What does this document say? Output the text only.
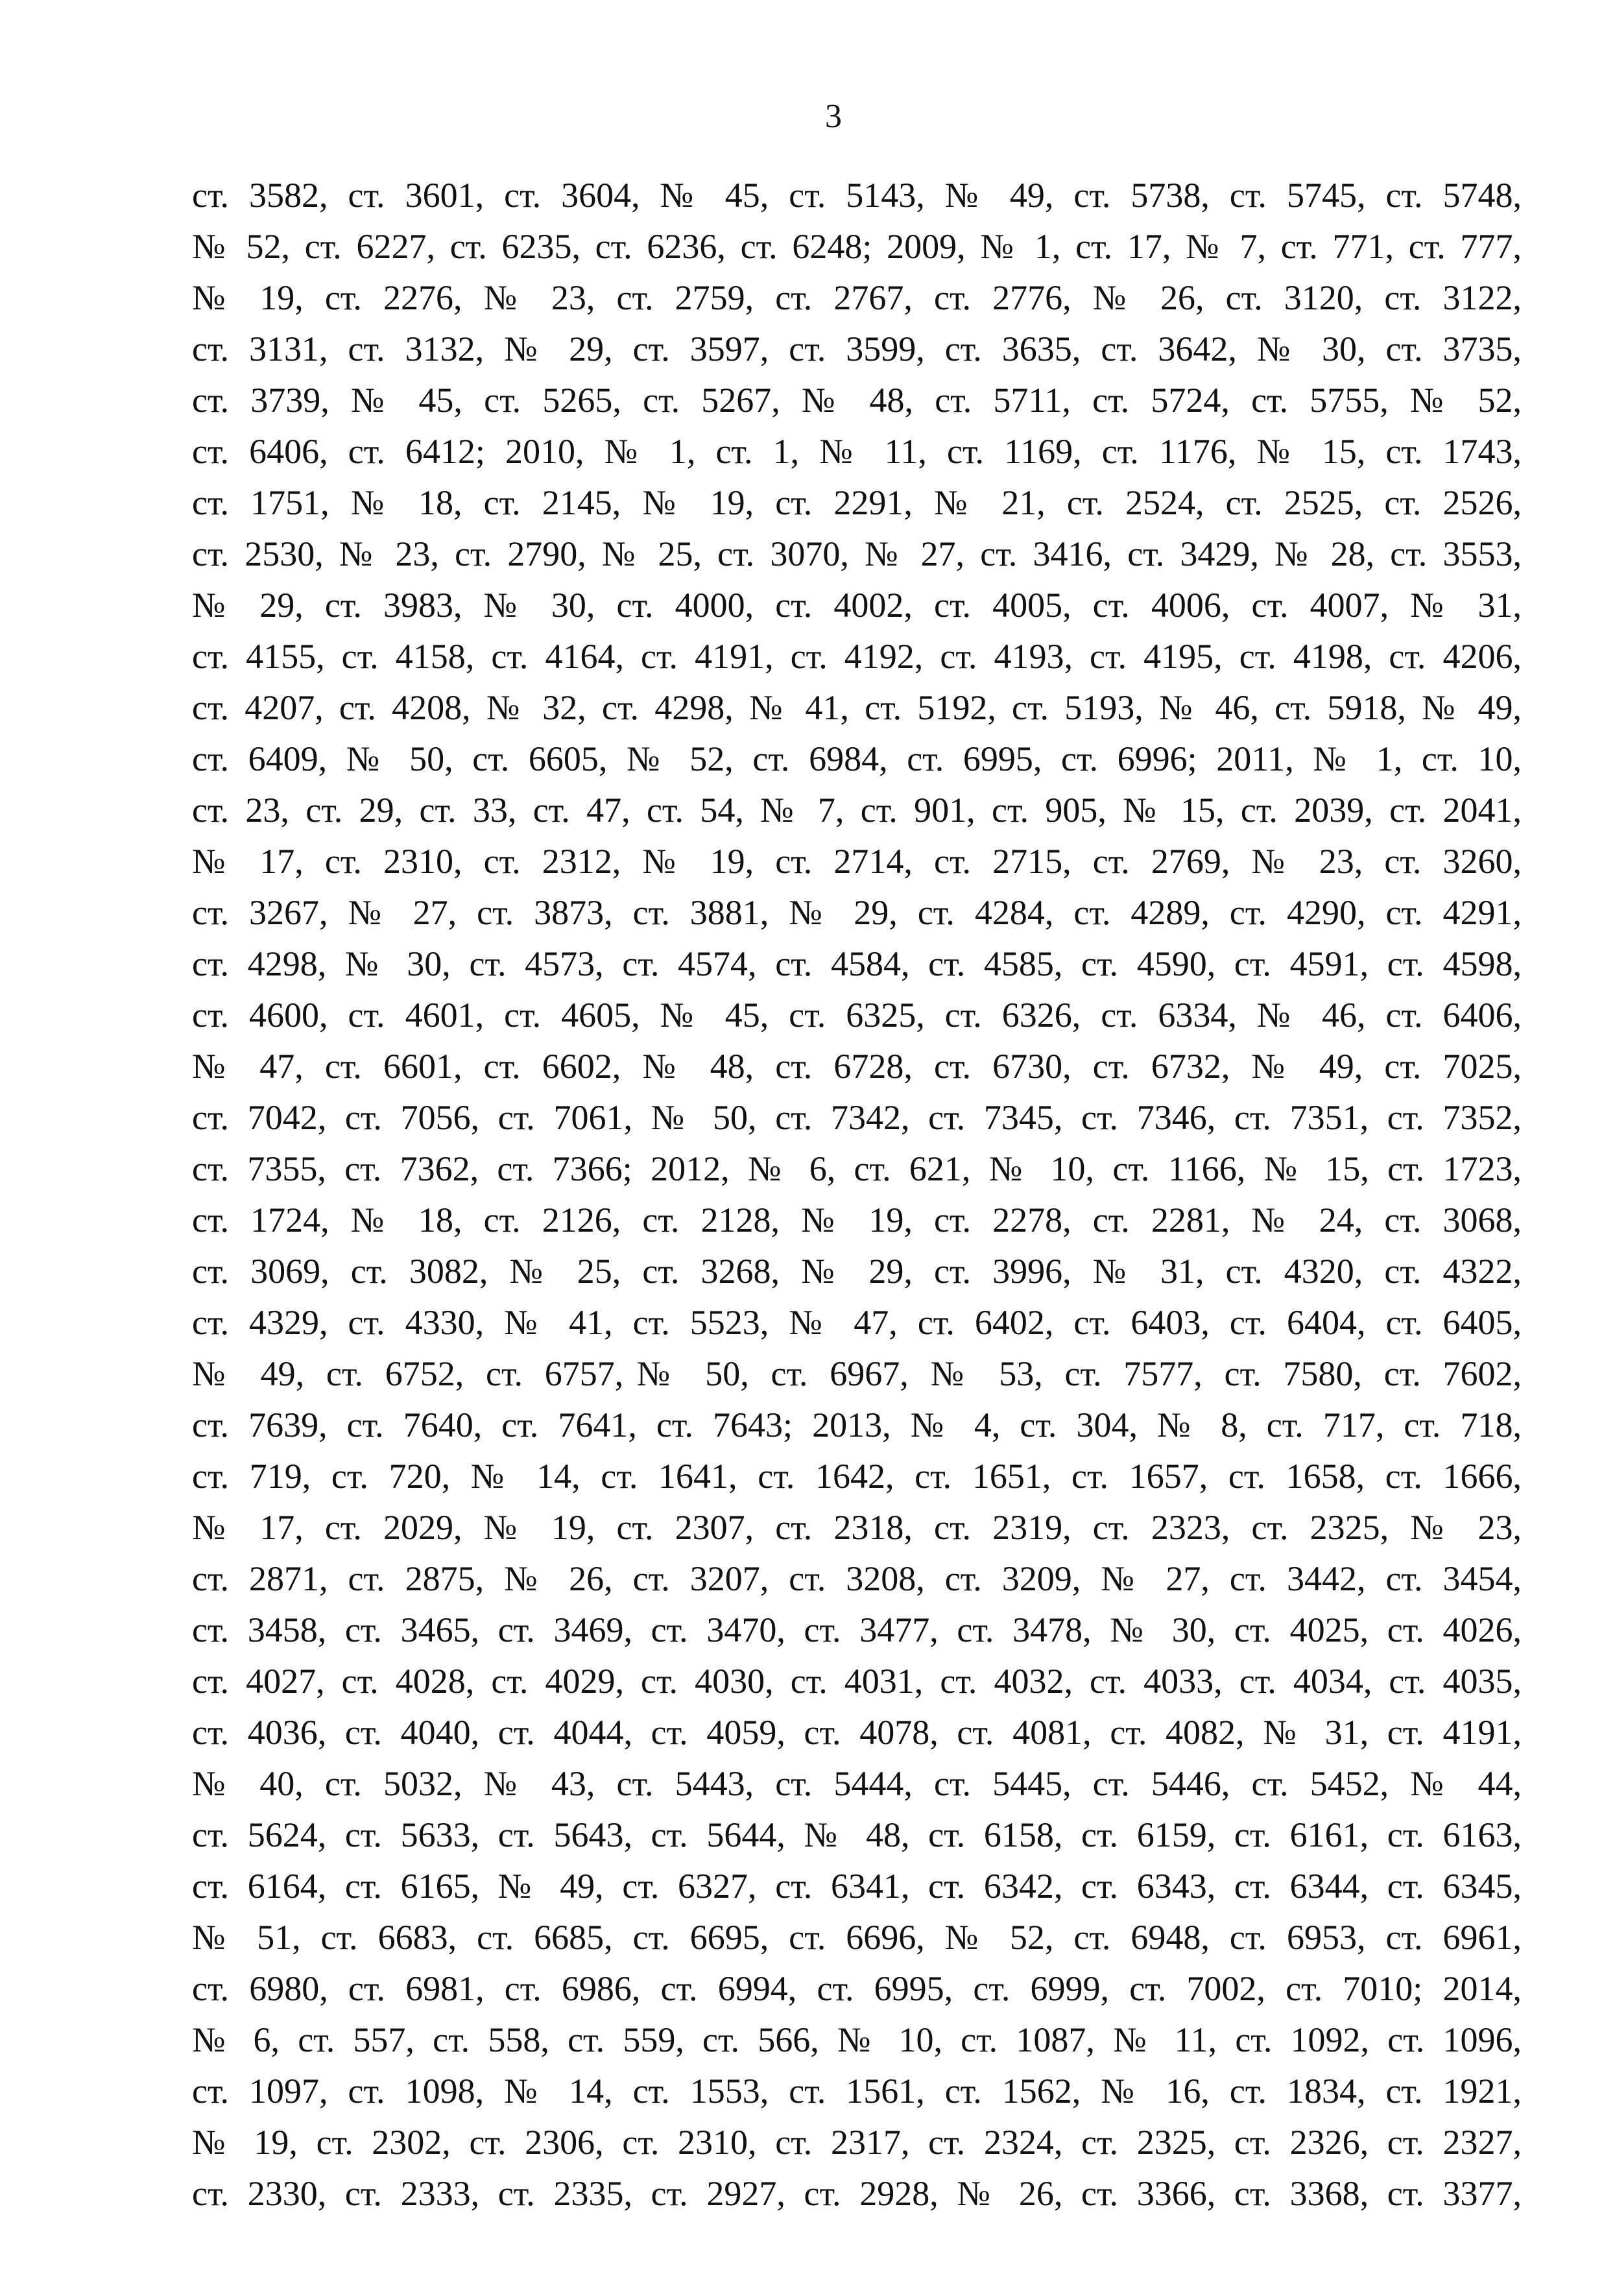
3
ст. 3582, ст. 3601, ст. 3604, № 45, ст. 5143, № 49, ст. 5738, ст. 5745, ст. 5748,
№ 52, ст. 6227, ст. 6235, ст. 6236, ст. 6248; 2009, № 1, ст. 17, № 7, ст. 771, ст. 777,
№ 19, ст. 2276, № 23, ст. 2759, ст. 2767, ст. 2776, № 26, ст. 3120, ст. 3122,
ст. 3131, ст. 3132, № 29, ст. 3597, ст. 3599, ст. 3635, ст. 3642, № 30, ст. 3735,
ст. 3739, № 45, ст. 5265, ст. 5267, № 48, ст. 5711, ст. 5724, ст. 5755, № 52,
ст. 6406, ст. 6412; 2010, № 1, ст. 1, № 11, ст. 1169, ст. 1176, № 15, ст. 1743,
ст. 1751, № 18, ст. 2145, № 19, ст. 2291, № 21, ст. 2524, ст. 2525, ст. 2526,
ст. 2530, № 23, ст. 2790, № 25, ст. 3070, № 27, ст. 3416, ст. 3429, № 28, ст. 3553,
№ 29, ст. 3983, № 30, ст. 4000, ст. 4002, ст. 4005, ст. 4006, ст. 4007, № 31,
ст. 4155, ст. 4158, ст. 4164, ст. 4191, ст. 4192, ст. 4193, ст. 4195, ст. 4198, ст. 4206,
ст. 4207, ст. 4208, № 32, ст. 4298, № 41, ст. 5192, ст. 5193, № 46, ст. 5918, № 49,
ст. 6409, № 50, ст. 6605, № 52, ст. 6984, ст. 6995, ст. 6996; 2011, № 1, ст. 10,
ст. 23, ст. 29, ст. 33, ст. 47, ст. 54, № 7, ст. 901, ст. 905, № 15, ст. 2039, ст. 2041,
№ 17, ст. 2310, ст. 2312, № 19, ст. 2714, ст. 2715, ст. 2769, № 23, ст. 3260,
ст. 3267, № 27, ст. 3873, ст. 3881, № 29, ст. 4284, ст. 4289, ст. 4290, ст. 4291,
ст. 4298, № 30, ст. 4573, ст. 4574, ст. 4584, ст. 4585, ст. 4590, ст. 4591, ст. 4598,
ст. 4600, ст. 4601, ст. 4605, № 45, ст. 6325, ст. 6326, ст. 6334, № 46, ст. 6406,
№ 47, ст. 6601, ст. 6602, № 48, ст. 6728, ст. 6730, ст. 6732, № 49, ст. 7025,
ст. 7042, ст. 7056, ст. 7061, № 50, ст. 7342, ст. 7345, ст. 7346, ст. 7351, ст. 7352,
ст. 7355, ст. 7362, ст. 7366; 2012, № 6, ст. 621, № 10, ст. 1166, № 15, ст. 1723,
ст. 1724, № 18, ст. 2126, ст. 2128, № 19, ст. 2278, ст. 2281, № 24, ст. 3068,
ст. 3069, ст. 3082, № 25, ст. 3268, № 29, ст. 3996, № 31, ст. 4320, ст. 4322,
ст. 4329, ст. 4330, № 41, ст. 5523, № 47, ст. 6402, ст. 6403, ст. 6404, ст. 6405,
№ 49, ст. 6752, ст. 6757,№ 50, ст. 6967, № 53, ст. 7577, ст. 7580, ст. 7602,
ст. 7639, ст. 7640, ст. 7641, ст. 7643; 2013, № 4, ст. 304, № 8, ст. 717, ст. 718,
ст. 719, ст. 720, № 14, ст. 1641, ст. 1642, ст. 1651, ст. 1657, ст. 1658, ст. 1666,
№ 17, ст. 2029, № 19, ст. 2307, ст. 2318, ст. 2319, ст. 2323, ст. 2325, № 23,
ст. 2871, ст. 2875, № 26, ст. 3207, ст. 3208, ст. 3209, № 27, ст. 3442, ст. 3454,
ст. 3458, ст. 3465, ст. 3469, ст. 3470, ст. 3477, ст. 3478, № 30, ст. 4025, ст. 4026,
ст. 4027, ст. 4028, ст. 4029, ст. 4030, ст. 4031, ст. 4032, ст. 4033, ст. 4034, ст. 4035,
ст. 4036, ст. 4040, ст. 4044, ст. 4059, ст. 4078, ст. 4081, ст. 4082, № 31, ст. 4191,
№ 40, ст. 5032, № 43, ст. 5443, ст. 5444, ст. 5445, ст. 5446, ст. 5452, № 44,
ст. 5624, ст. 5633, ст. 5643, ст. 5644, № 48, ст. 6158, ст. 6159, ст. 6161, ст. 6163,
ст. 6164, ст. 6165, № 49, ст. 6327, ст. 6341, ст. 6342, ст. 6343, ст. 6344, ст. 6345,
№ 51, ст. 6683, ст. 6685, ст. 6695, ст. 6696, № 52, ст. 6948, ст. 6953, ст. 6961,
ст. 6980, ст. 6981, ст. 6986, ст. 6994, ст. 6995, ст. 6999, ст. 7002, ст. 7010; 2014,
№ 6, ст. 557, ст. 558, ст. 559, ст. 566, № 10, ст. 1087, № 11, ст. 1092, ст. 1096,
ст. 1097, ст. 1098, № 14, ст. 1553, ст. 1561, ст. 1562, № 16, ст. 1834, ст. 1921,
№ 19, ст. 2302, ст. 2306, ст. 2310, ст. 2317, ст. 2324, ст. 2325, ст. 2326, ст. 2327,
ст. 2330, ст. 2333, ст. 2335, ст. 2927, ст. 2928, № 26, ст. 3366, ст. 3368, ст. 3377,
